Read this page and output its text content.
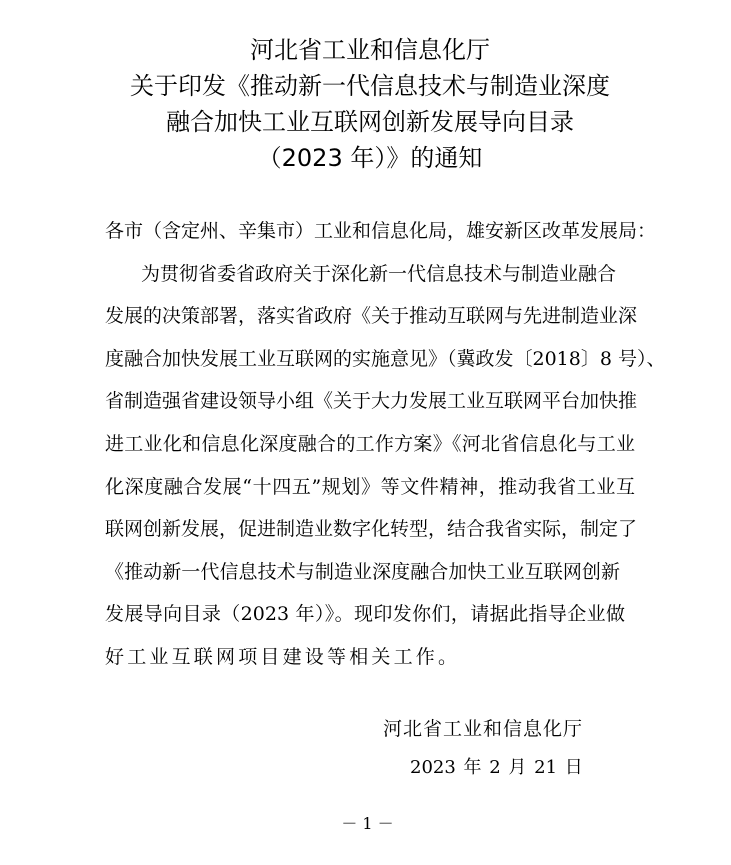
河北省工业和信息化厅
关于印发《推动新一代信息技术与制造业深度
融合加快工业互联网创新发展导向目录
（2023 年）》的通知
各市（含定州、辛集市）工业和信息化局，雄安新区改革发展局：
为贯彻省委省政府关于深化新一代信息技术与制造业融合
发展的决策部署，落实省政府《关于推动互联网与先进制造业深
度融合加快发展工业互联网的实施意见》（冀政发〔2018〕8 号）、
省制造强省建设领导小组《关于大力发展工业互联网平台加快推
进工业化和信息化深度融合的工作方案》《河北省信息化与工业
化深度融合发展“十四五”规划》等文件精神，推动我省工业互
联网创新发展，促进制造业数字化转型，结合我省实际，制定了
《推动新一代信息技术与制造业深度融合加快工业互联网创新
发展导向目录（2023 年）》。现印发你们，请据此指导企业做
好工业互联网项目建设等相关工作。
河北省工业和信息化厅
2023 年 2 月 21 日
－ 1 －
